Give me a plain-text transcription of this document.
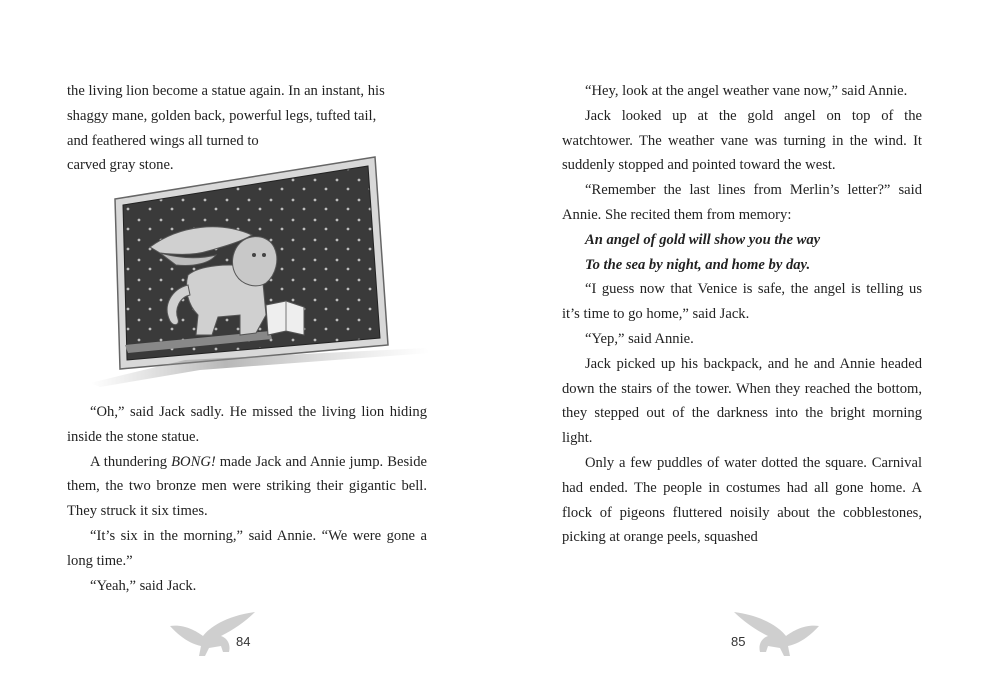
the living lion become a statue again. In an instant, his

shaggy mane, golden back, powerful legs, tufted tail,

and feathered wings all turned to

carved gray stone.

“Oh,” said Jack sadly. He missed the living lion hiding inside the stone statue.

A thundering BONG! made Jack and Annie jump. Beside them, the two bronze men were striking their gigantic bell. They struck it six times.

“It’s six in the morning,” said Annie. “We were gone a long time.”

“Yeah,” said Jack.

84

“Hey, look at the angel weather vane now,” said Annie.

Jack looked up at the gold angel on top of the watchtower. The weather vane was turning in the wind. It suddenly stopped and pointed toward the west.

“Remember the last lines from Merlin’s letter?” said Annie. She recited them from memory:

An angel of gold will show you the way

To the sea by night, and home by day.

“I guess now that Venice is safe, the angel is telling us it’s time to go home,” said Jack.

“Yep,” said Annie.

Jack picked up his backpack, and he and Annie headed down the stairs of the tower. When they reached the bottom, they stepped out of the darkness into the bright morning light.

Only a few puddles of water dotted the square. Carnival had ended. The people in costumes had all gone home. A flock of pigeons fluttered noisily about the cobblestones, picking at orange peels, squashed

85
